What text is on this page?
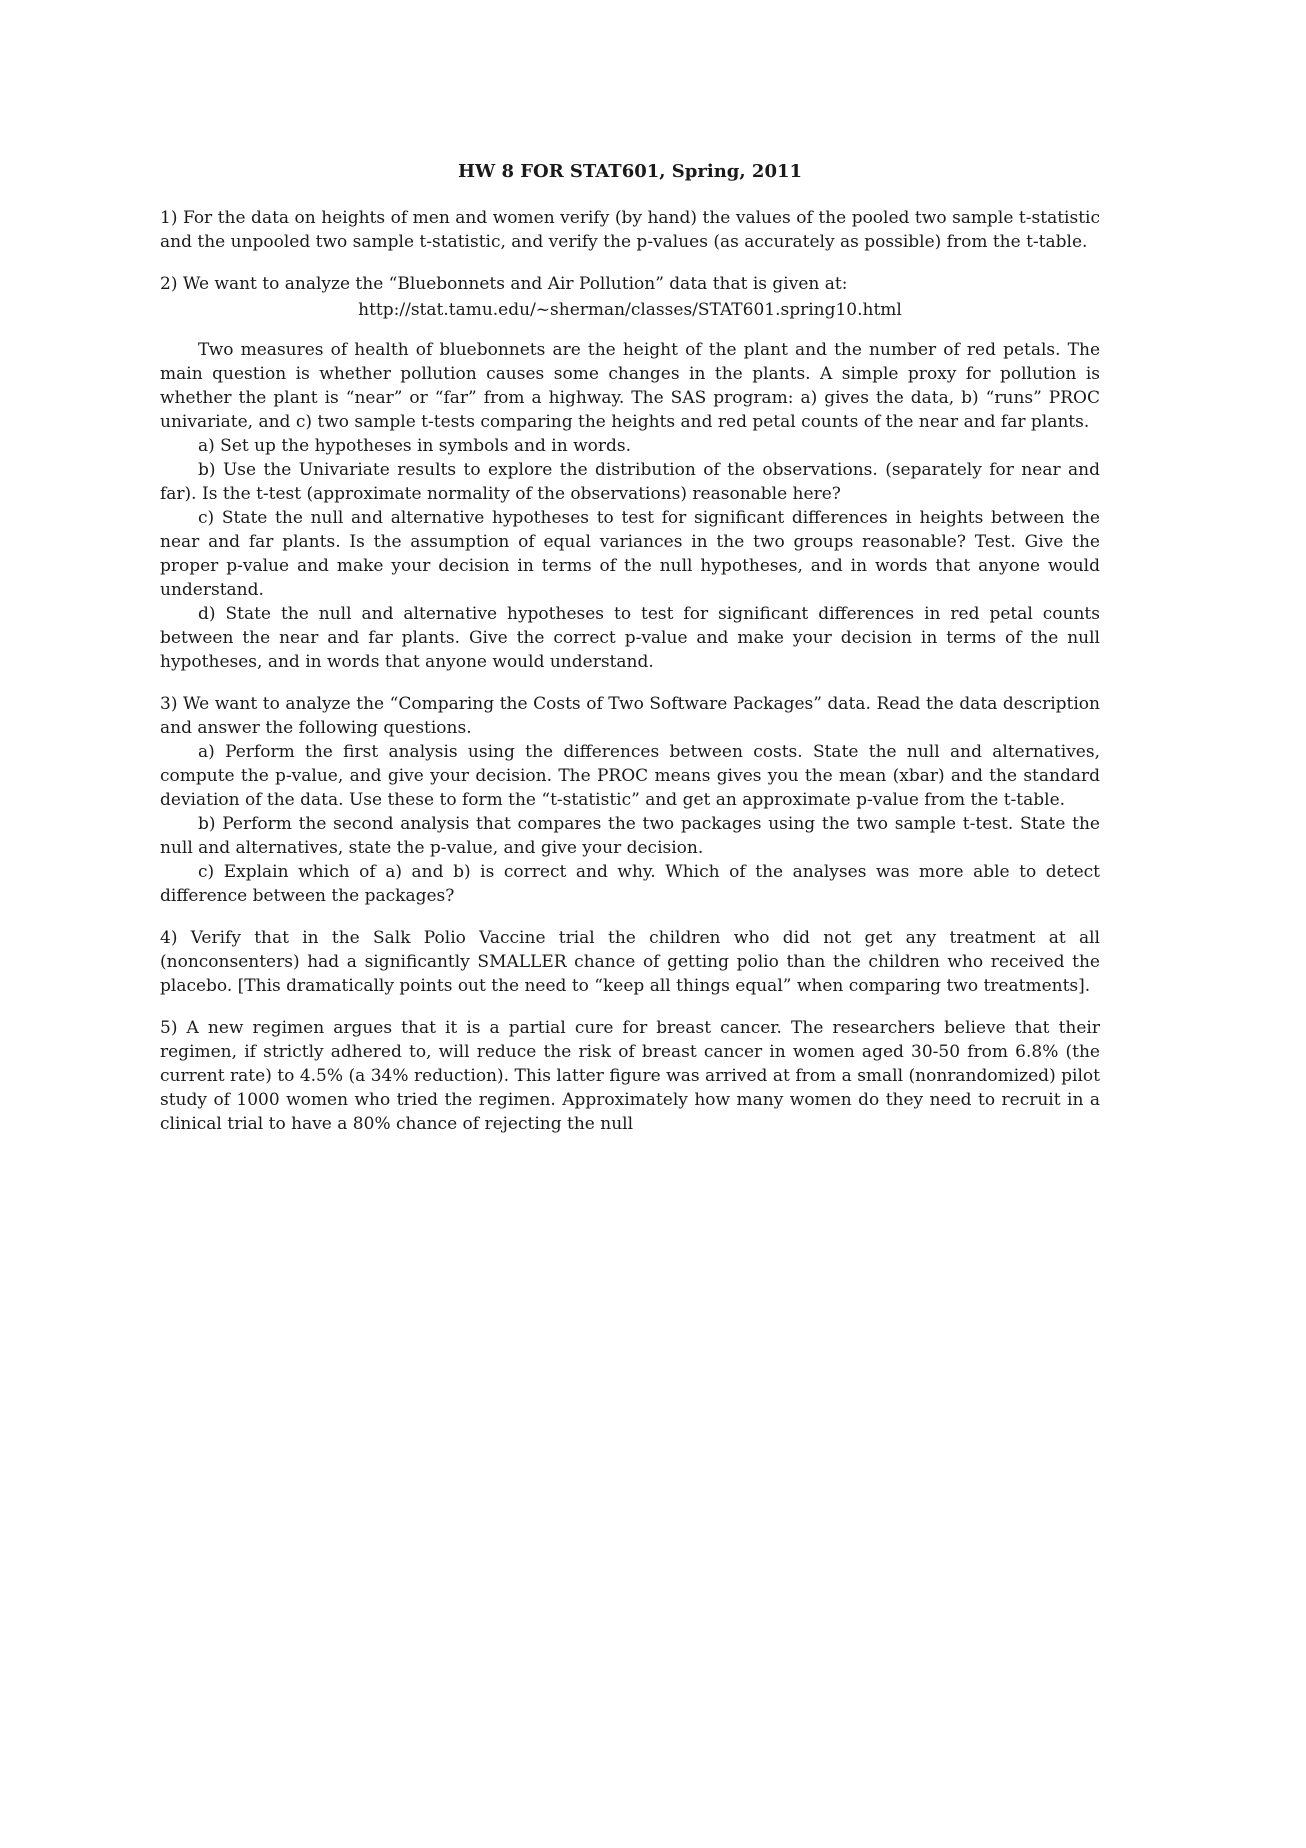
HW 8 FOR STAT601, Spring, 2011

1) For the data on heights of men and women verify (by hand) the values of the pooled two sample t-statistic and the unpooled two sample t-statistic, and verify the p-values (as accurately as possible) from the t-table.

2) We want to analyze the “Bluebonnets and Air Pollution” data that is given at:

http://stat.tamu.edu/~sherman/classes/STAT601.spring10.html

Two measures of health of bluebonnets are the height of the plant and the number of red petals. The main question is whether pollution causes some changes in the plants. A simple proxy for pollution is whether the plant is “near” or “far” from a highway. The SAS program: a) gives the data, b) “runs” PROC univariate, and c) two sample t-tests comparing the heights and red petal counts of the near and far plants.

a) Set up the hypotheses in symbols and in words.

b) Use the Univariate results to explore the distribution of the observations. (separately for near and far). Is the t-test (approximate normality of the observations) reasonable here?

c) State the null and alternative hypotheses to test for significant differences in heights between the near and far plants. Is the assumption of equal variances in the two groups reasonable? Test. Give the proper p-value and make your decision in terms of the null hypotheses, and in words that anyone would understand.

d) State the null and alternative hypotheses to test for significant differences in red petal counts between the near and far plants. Give the correct p-value and make your decision in terms of the null hypotheses, and in words that anyone would understand.

3) We want to analyze the “Comparing the Costs of Two Software Packages” data. Read the data description and answer the following questions.

a) Perform the first analysis using the differences between costs. State the null and alternatives, compute the p-value, and give your decision. The PROC means gives you the mean (xbar) and the standard deviation of the data. Use these to form the “t-statistic” and get an approximate p-value from the t-table.

b) Perform the second analysis that compares the two packages using the two sample t-test. State the null and alternatives, state the p-value, and give your decision.

c) Explain which of a) and b) is correct and why. Which of the analyses was more able to detect difference between the packages?

4) Verify that in the Salk Polio Vaccine trial the children who did not get any treatment at all (nonconsenters) had a significantly SMALLER chance of getting polio than the children who received the placebo. [This dramatically points out the need to “keep all things equal” when comparing two treatments].

5) A new regimen argues that it is a partial cure for breast cancer. The researchers believe that their regimen, if strictly adhered to, will reduce the risk of breast cancer in women aged 30-50 from 6.8% (the current rate) to 4.5% (a 34% reduction). This latter figure was arrived at from a small (nonrandomized) pilot study of 1000 women who tried the regimen. Approximately how many women do they need to recruit in a clinical trial to have a 80% chance of rejecting the null
